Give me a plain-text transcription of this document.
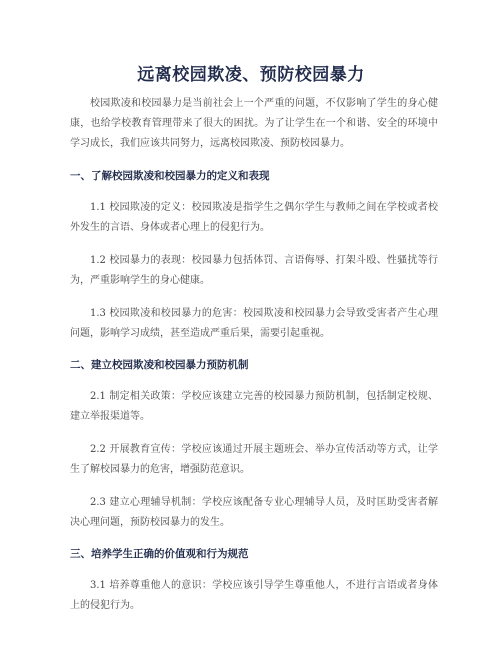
远离校园欺凌、预防校园暴力

校园欺凌和校园暴力是当前社会上一个严重的问题，不仅影响了学生的身心健康，也给学校教育管理带来了很大的困扰。为了让学生在一个和谐、安全的环境中学习成长，我们应该共同努力，远离校园欺凌、预防校园暴力。

一、了解校园欺凌和校园暴力的定义和表现

1.1 校园欺凌的定义：校园欺凌是指学生之偶尔学生与教师之间在学校或者校外发生的言语、身体或者心理上的侵犯行为。

1.2 校园暴力的表现：校园暴力包括体罚、言语侮辱、打架斗殴、性骚扰等行为，严重影响学生的身心健康。

1.3 校园欺凌和校园暴力的危害：校园欺凌和校园暴力会导致受害者产生心理问题，影响学习成绩，甚至造成严重后果，需要引起重视。

二、建立校园欺凌和校园暴力预防机制

2.1 制定相关政策：学校应该建立完善的校园暴力预防机制，包括制定校规、建立举报渠道等。

2.2 开展教育宣传：学校应该通过开展主题班会、举办宣传活动等方式，让学生了解校园暴力的危害，增强防范意识。

2.3 建立心理辅导机制：学校应该配备专业心理辅导人员，及时匡助受害者解决心理问题，预防校园暴力的发生。

三、培养学生正确的价值观和行为规范

3.1 培养尊重他人的意识：学校应该引导学生尊重他人，不进行言语或者身体上的侵犯行为。
